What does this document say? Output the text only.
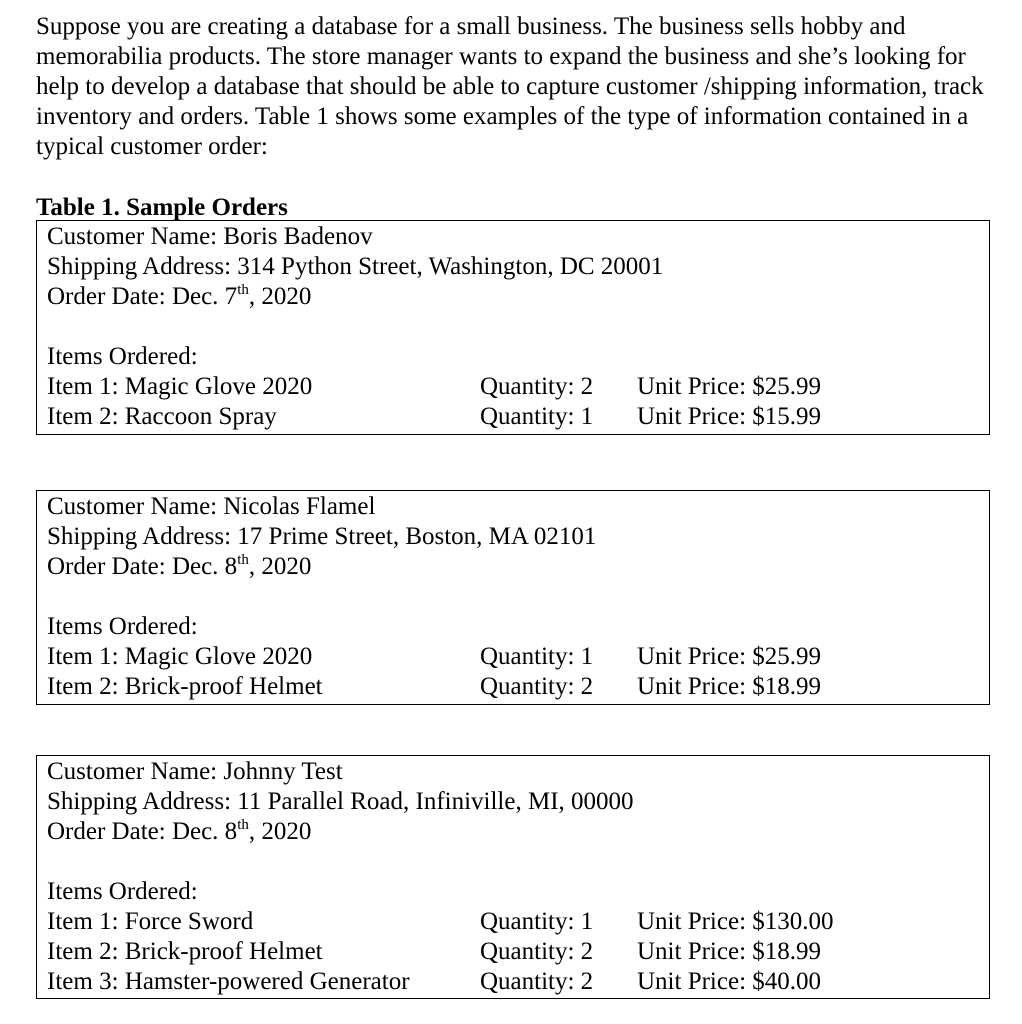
Suppose you are creating a database for a small business. The business sells hobby and memorabilia products. The store manager wants to expand the business and she’s looking for help to develop a database that should be able to capture customer /shipping information, track inventory and orders. Table 1 shows some examples of the type of information contained in a typical customer order:

Table 1. Sample Orders

Customer Name: Boris Badenov
Shipping Address: 314 Python Street, Washington, DC 20001
Order Date: Dec. 7th, 2020
Items Ordered:
Item 1: Magic Glove 2020	Quantity: 2 Unit Price: $25.99
Item 2: Raccoon Spray	Quantity: 1 Unit Price: $15.99
Customer Name: Nicolas Flamel
Shipping Address: 17 Prime Street, Boston, MA 02101
Order Date: Dec. 8th, 2020
Items Ordered:
Item 1: Magic Glove 2020	Quantity: 1 Unit Price: $25.99
Item 2: Brick-proof Helmet	Quantity: 2 Unit Price: $18.99
Customer Name: Johnny Test
Shipping Address: 11 Parallel Road, Infiniville, MI, 00000
Order Date: Dec. 8th, 2020
Items Ordered:
Item 1: Force Sword	Quantity: 1 Unit Price: $130.00
Item 2: Brick-proof Helmet	Quantity: 2 Unit Price: $18.99
Item 3: Hamster-powered Generator	Quantity: 2 Unit Price: $40.00
